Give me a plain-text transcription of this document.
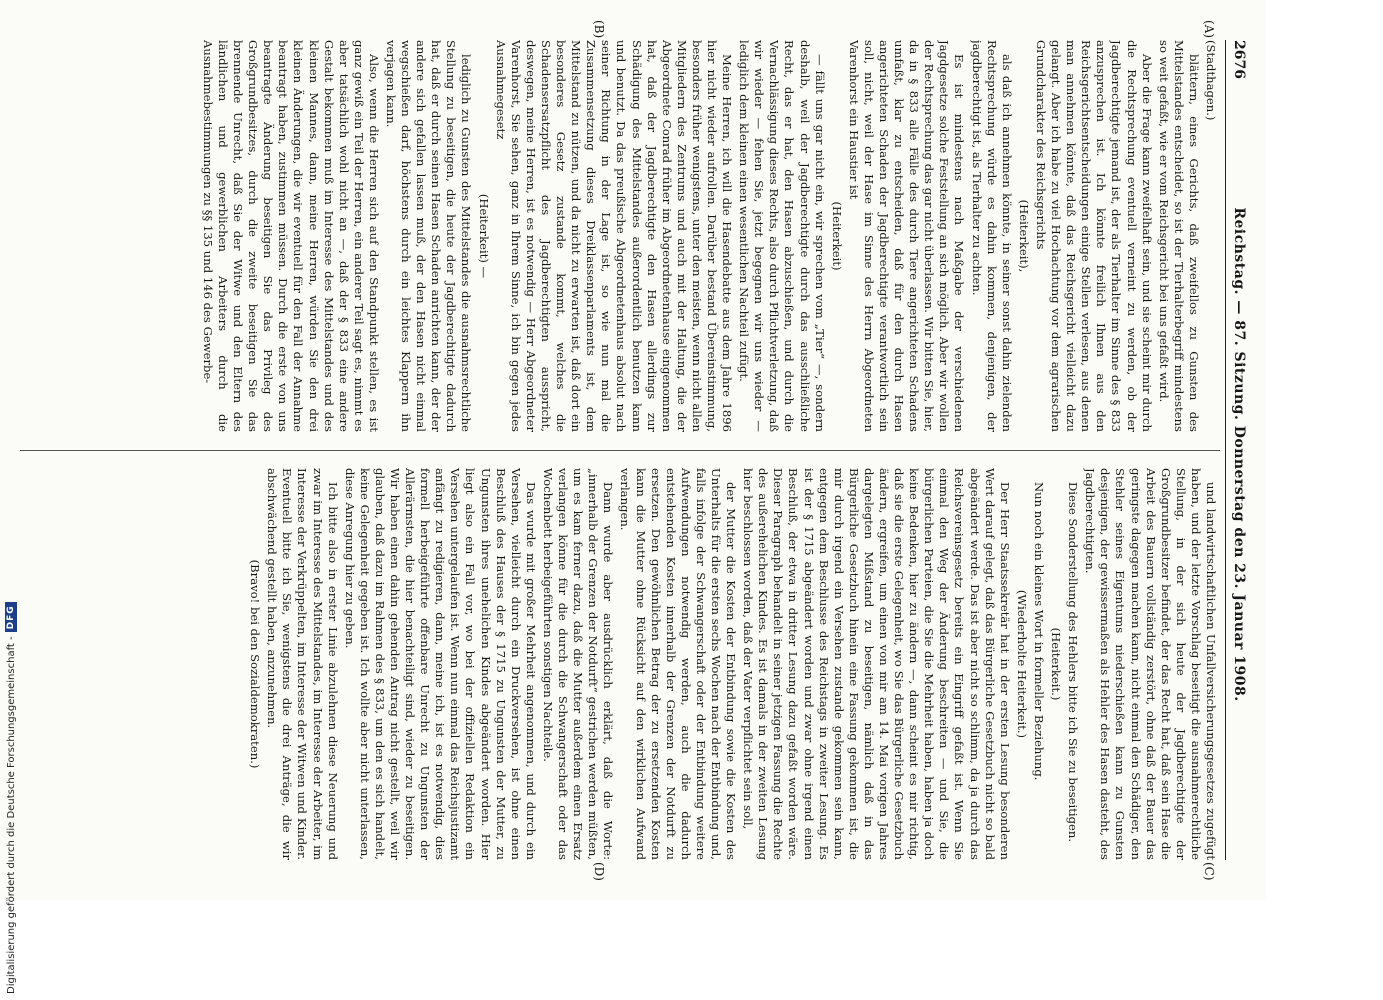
2676
Reichstag. — 87. Sitzung. Donnerstag den 23. Januar 1908.
(A)
(B)
(C)
(D)

(Stadthagen.)

blättern, eines Gerichts, daß zweifellos zu Gunsten des Mittelstandes entscheidet, so ist der Tierhalterbegriff mindestens so weit gefaßt, wie er vom Reichsgericht bei uns gefaßt wird.

Aber die Frage kann zweifelhaft sein, und sie scheint mir durch die Rechtsprechung eventuell verneint zu werden, ob der Jagdberechtigte jemand ist, der als Tierhalter im Sinne des § 833 anzusprechen ist. Ich könnte freilich Ihnen aus den Reichsgerichtsentscheidungen einige Stellen verlesen, aus denen man annehmen könnte, daß das Reichsgericht vielleicht dazu gelangt. Aber ich habe zu viel Hochachtung vor dem agrarischen Grundcharakter des Reichsgerichts

(Heiterkeit),

als daß ich annehmen könnte, in seiner sonst dahin zielenden Rechtsprechung würde es dahin kommen, denjenigen, der jagdberechtigt ist, als Tierhalter zu achten.

Es ist mindestens nach Maßgabe der verschiedenen Jagdgesetze solche Feststellung an sich möglich. Aber wir wollen der Rechtsprechung das gar nicht überlassen. Wir bitten Sie, hier, da in § 833 alle Fälle des durch Tiere angerichteten Schadens umfaßt, klar zu entscheiden, daß für den durch Hasen angerichteten Schaden der Jagdberechtigte verantwortlich sein soll, nicht, weil der Hase im Sinne des Herrn Abgeordneten Varenhorst ein Haustier ist

(Heiterkeit)

— fällt uns gar nicht ein, wir sprechen vom „Tier“ —, sondern deshalb, weil der Jagdberechtigte durch das ausschließliche Recht, das er hat, den Hasen abzuschießen, und durch die Vernachlässigung dieses Rechts, also durch Pflichtverletzung, daß wir wieder — fehen Sie, jetzt begegnen wir uns wieder — lediglich dem kleinen einen wesentlichen Nachteil zufügt.

Meine Herren, ich will die Hasendebatte aus dem Jahre 1896 hier nicht wieder aufrollen. Darüber bestand Übereinstimmung, besonders früher wenigstens, unter den meisten, wenn nicht allen Mitgliedern des Zentrums und auch mit der Haltung, die der Abgeordnete Conrad früher im Abgeordnetenhause eingenommen hat, daß der Jagdberechtigte den Hasen allerdings zur Schädigung des Mittelstandes außerordentlich benutzen kann und benutzt. Da das preußische Abgeordnetenhaus absolut nach seiner Richtung in der Lage ist, so wie nun mal die Zusammensetzung dieses Dreiklassenparlaments ist, dem Mittelstand zu nützen, und da nicht zu erwarten ist, daß dort ein besonderes Gesetz zustande kommt, welches die Schadensersatzpflicht des Jagdberechtigten ausspricht, deswegen, meine Herren, ist es notwendig — Herr Abgeordneter Varenhorst, Sie sehen, ganz in Ihrem Sinne, ich bin gegen jedes Ausnahmegesetz

(Heiterkeit) —

lediglich zu Gunsten des Mittelstandes die ausnahmsrechtliche Stellung zu beseitigen, die heute der Jagdberechtigte dadurch hat, daß er durch seinen Hasen Schaden anrichten kann, der der andere sich gefallen lassen muß, der den Hasen nicht einmal wegschießen darf, höchstens durch ein leichtes Klappern ihn verjagen kann.

Also, wenn die Herren sich auf den Standpunkt stellen, es ist ganz gewiß ein Teil der Herren, ein anderer Teil sagt es, nimmt es aber tatsächlich wohl nicht an —, daß der § 833 eine andere Gestalt bekommen muß im Interesse des Mittelstandes und des kleinen Mannes, dann, meine Herren, würden Sie den drei kleinen Änderungen, die wir eventuell für den Fall der Annahme beantragt haben, zustimmen müssen. Durch die erste von uns beantragte Änderung beseitigen Sie das Privileg des Großgrundbesitzes, durch die zweite beseitigen Sie das brennende Unrecht, daß Sie der Witwe und den Eltern des ländlichen und gewerblichen Arbeiters durch die Ausnahmebestimmungen zu §§ 135 und 146 des Gewerbe-

und landwirtschaftlichen Unfallversicherungsgesetzes zugefügt haben, und der letzte Vorschlag beseitigt die ausnahmerechtliche Stellung, in der sich heute der Jagdberechtigte der Großgrundbesitzer befindet, der das Recht hat, daß sein Hase die Arbeit des Bauern vollständig zerstört, ohne daß der Bauer das geringste dagegen machen kann, nicht einmal den Schädiger, den Stehler seines Eigentums niederschießen kann zu Gunsten desjenigen, der gewissermaßen als Hehler des Hasen dasteht, des Jagdberechtigten.

Diese Sonderstellung des Hehlers bitte ich Sie zu beseitigen.

(Heiterkeit.)

Nun noch ein kleines Wort in formeller Beziehung.

(Wiederholte Heiterkeit.)

Der Herr Staatssekretär hat in der ersten Lesung besonderen Wert darauf gelegt, daß das Bürgerliche Gesetzbuch nicht so bald abgeändert werde. Das ist aber nicht so schlimm, da ja durch das Reichsvereinsgesetz bereits ein Eingriff gefaßt ist. Wenn Sie einmal den Weg der Änderung beschreiten — und Sie, die bürgerlichen Parteien, die Sie die Mehrheit haben, haben ja doch keine Bedenken, hier zu ändern —, dann scheint es mir richtig, daß sie die erste Gelegenheit, wo Sie das Bürgerliche Gesetzbuch ändern, ergreifen, um einen von mir am 14. Mai vorigen Jahres dargelegten Mißstand zu beseitigen, nämlich daß in das Bürgerliche Gesetzbuch hinein eine Fassung gekommen ist, die mir durch irgend ein Versehen zustande gekommen sein kann, entgegen dem Beschlusse des Reichstags in zweiter Lesung. Es ist der § 1715 abgeändert worden und zwar ohne irgend einen Beschluß, der etwa in dritter Lesung dazu gefaßt worden wäre. Dieser Paragraph behandelt in seiner jetzigen Fassung die Rechte des außerehelichen Kindes. Es ist damals in der zweiten Lesung hier beschlossen worden, daß der Vater verpflichtet sein soll,

der Mutter die Kosten der Entbindung sowie die Kosten des Unterhalts für die ersten sechs Wochen nach der Entbindung und, falls infolge der Schwangerschaft oder der Entbindung weitere Aufwendungen notwendig werden, auch die dadurch entstehenden Kosten innerhalb der Grenzen der Notdurft zu ersetzen. Den gewöhnlichen Betrag der zu ersetzenden Kosten kann die Mutter ohne Rücksicht auf den wirklichen Aufwand verlangen.

Dann wurde aber ausdrücklich erklärt, daß die Worte: „innerhalb der Grenzen der Notdurft“ gestrichen werden müßten, um es kam ferner dazu, daß die Mutter außerdem einen Ersatz verlangen könne für die durch die Schwangerschaft oder das Wochenbett herbeigeführten sonstigen Nachteile.

Das wurde mit großer Mehrheit angenommen, und durch ein Versehen, vielleicht durch ein Druckversehen, ist ohne einen Beschluß des Hauses der § 1715 zu Ungunsten der Mutter, zu Ungunsten ihres unehelichen Kindes abgeändert worden. Hier liegt also ein Fall vor, wo bei der offiziellen Redaktion ein Versehen untergelaufen ist. Wenn nun einmal das Reichsjustizamt anfängt zu redigieren, dann, meine ich, ist es notwendig, dies formell herbeigeführte offenbare Unrecht zu Ungunsten der Allerärmsten, die hier benachteiligt sind, wieder zu beseitigen. Wir haben einen dahin gehenden Antrag nicht gestellt, weil wir glauben, daß dazu im Rahmen des § 833, um den es sich handelt, keine Gelegenheit gegeben ist. Ich wollte aber nicht unterlassen, diese Anregung hier zu geben.

Ich bitte also in erster Linie abzulehnen diese Neuerung und zwar im Interesse des Mittelstandes, im Interesse der Arbeiter, im Interesse der Verkrüppelten, im Interesse der Witwen und Kinder. Eventuell bitte ich Sie, wenigstens die drei Anträge, die wir abschwächend gestellt haben, anzunehmen.

(Bravo! bei den Sozialdemokraten.)

Digitalisierung gefördert durch die Deutsche Forschungsgemeinschaft -
DFG
